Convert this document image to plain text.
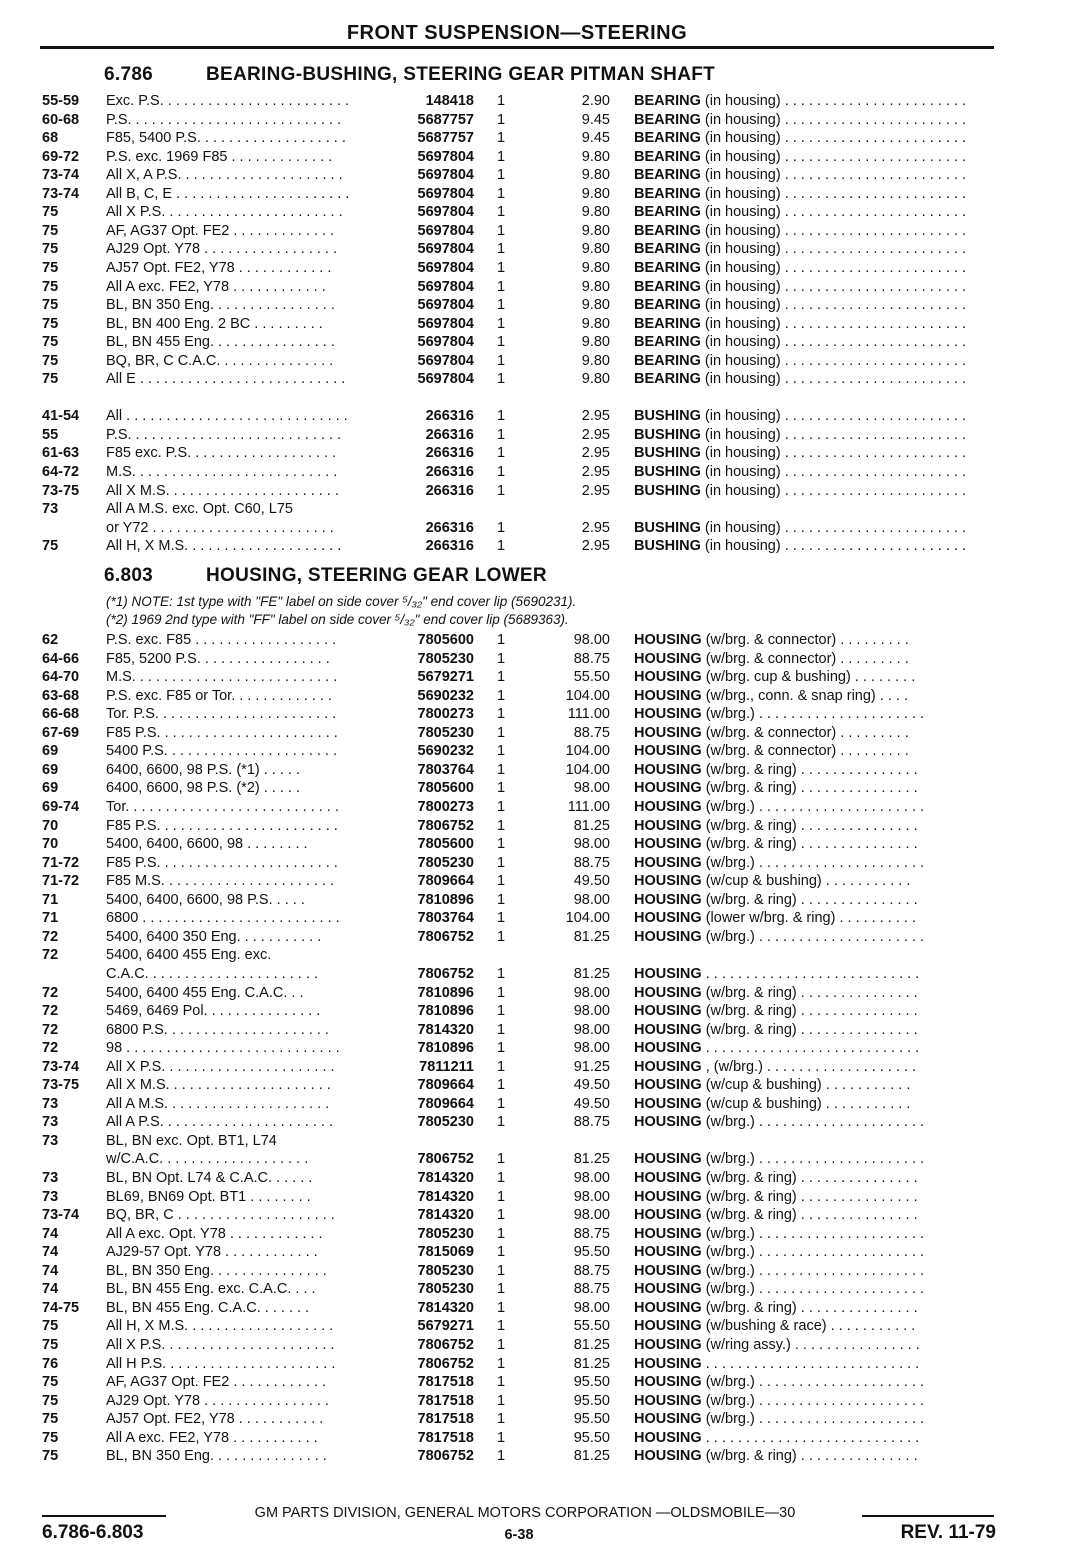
FRONT SUSPENSION—STEERING
6.786	BEARING-BUSHING, STEERING GEAR PITMAN SHAFT
55-59 Exc. P.S. . . . . . . . . . . . . . . . . . . . . . . .	148418	1	2.90 BEARING (in housing) . . . . . . . . . . . . . . . . . . . . . . .
60-68 P.S. . . . . . . . . . . . . . . . . . . . . . . . . . .	5687757	1	9.45 BEARING (in housing) . . . . . . . . . . . . . . . . . . . . . . .
68	F85, 5400 P.S. . . . . . . . . . . . . . . . . . .	5687757	1	9.45 BEARING (in housing) . . . . . . . . . . . . . . . . . . . . . . .
69-72 P.S. exc. 1969 F85 . . . . . . . . . . . . .	5697804	1	9.80 BEARING (in housing) . . . . . . . . . . . . . . . . . . . . . . .
73-74 All X, A P.S. . . . . . . . . . . . . . . . . . . . .	5697804	1	9.80 BEARING (in housing) . . . . . . . . . . . . . . . . . . . . . . .
73-74 All B, C, E . . . . . . . . . . . . . . . . . . . . . .	5697804	1	9.80 BEARING (in housing) . . . . . . . . . . . . . . . . . . . . . . .
75	All X P.S. . . . . . . . . . . . . . . . . . . . . . .	5697804	1	9.80 BEARING (in housing) . . . . . . . . . . . . . . . . . . . . . . .
75	AF, AG37 Opt. FE2 . . . . . . . . . . . . .	5697804	1	9.80 BEARING (in housing) . . . . . . . . . . . . . . . . . . . . . . .
75	AJ29 Opt. Y78 . . . . . . . . . . . . . . . . .	5697804	1	9.80 BEARING (in housing) . . . . . . . . . . . . . . . . . . . . . . .
75	AJ57 Opt. FE2, Y78 . . . . . . . . . . . .	5697804	1	9.80 BEARING (in housing) . . . . . . . . . . . . . . . . . . . . . . .
75	All A exc. FE2, Y78 . . . . . . . . . . . .	5697804	1	9.80 BEARING (in housing) . . . . . . . . . . . . . . . . . . . . . . .
75	BL, BN 350 Eng. . . . . . . . . . . . . . . .	5697804	1	9.80 BEARING (in housing) . . . . . . . . . . . . . . . . . . . . . . .
75	BL, BN 400 Eng. 2 BC . . . . . . . . .	5697804	1	9.80 BEARING (in housing) . . . . . . . . . . . . . . . . . . . . . . .
75	BL, BN 455 Eng. . . . . . . . . . . . . . . .	5697804	1	9.80 BEARING (in housing) . . . . . . . . . . . . . . . . . . . . . . .
75	BQ, BR, C C.A.C. . . . . . . . . . . . . . .	5697804	1	9.80 BEARING (in housing) . . . . . . . . . . . . . . . . . . . . . . .
75	All E . . . . . . . . . . . . . . . . . . . . . . . . . .	5697804	1	9.80 BEARING (in housing) . . . . . . . . . . . . . . . . . . . . . . .
41-54 All . . . . . . . . . . . . . . . . . . . . . . . . . . . .	266316	1	2.95 BUSHING (in housing) . . . . . . . . . . . . . . . . . . . . . . .
55	P.S. . . . . . . . . . . . . . . . . . . . . . . . . . .	266316	1	2.95 BUSHING (in housing) . . . . . . . . . . . . . . . . . . . . . . .
61-63 F85 exc. P.S. . . . . . . . . . . . . . . . . . .	266316	1	2.95 BUSHING (in housing) . . . . . . . . . . . . . . . . . . . . . . .
64-72 M.S. . . . . . . . . . . . . . . . . . . . . . . . . .	266316	1	2.95 BUSHING (in housing) . . . . . . . . . . . . . . . . . . . . . . .
73-75 All X M.S. . . . . . . . . . . . . . . . . . . . . .	266316	1	2.95 BUSHING (in housing) . . . . . . . . . . . . . . . . . . . . . . .
73	All A M.S. exc. Opt. C60, L75
or Y72 . . . . . . . . . . . . . . . . . . . . . . .	266316	1	2.95 BUSHING (in housing) . . . . . . . . . . . . . . . . . . . . . . .
75	All H, X M.S. . . . . . . . . . . . . . . . . . . .	266316	1	2.95 BUSHING (in housing) . . . . . . . . . . . . . . . . . . . . . . .
6.803	HOUSING, STEERING GEAR LOWER
(*1) NOTE: 1st type with "FE" label on side cover ⁵/₃₂" end cover lip (5690231).
(*2) 1969 2nd type with "FF" label on side cover ⁵/₃₂" end cover lip (5689363).
62	P.S. exc. F85 . . . . . . . . . . . . . . . . . .	7805600	1	98.00 HOUSING (w/brg. & connector) . . . . . . . . .
64-66 F85, 5200 P.S. . . . . . . . . . . . . . . . .	7805230	1	88.75 HOUSING (w/brg. & connector) . . . . . . . . .
64-70 M.S. . . . . . . . . . . . . . . . . . . . . . . . . .	5679271	1	55.50 HOUSING (w/brg. cup & bushing) . . . . . . . .
63-68 P.S. exc. F85 or Tor. . . . . . . . . . . . .	5690232	1	104.00 HOUSING (w/brg., conn. & snap ring) . . . .
66-68 Tor. P.S. . . . . . . . . . . . . . . . . . . . . . .	7800273	1	111.00 HOUSING (w/brg.) . . . . . . . . . . . . . . . . . . . . .
67-69 F85 P.S. . . . . . . . . . . . . . . . . . . . . . .	7805230	1	88.75 HOUSING (w/brg. & connector) . . . . . . . . .
69	5400 P.S. . . . . . . . . . . . . . . . . . . . . .	5690232	1	104.00 HOUSING (w/brg. & connector) . . . . . . . . .
69	6400, 6600, 98 P.S. (*1) . . . . .	7803764	1	104.00 HOUSING (w/brg. & ring) . . . . . . . . . . . . . . .
69	6400, 6600, 98 P.S. (*2) . . . . .	7805600	1	98.00 HOUSING (w/brg. & ring) . . . . . . . . . . . . . . .
69-74 Tor. . . . . . . . . . . . . . . . . . . . . . . . . . .	7800273	1	111.00 HOUSING (w/brg.) . . . . . . . . . . . . . . . . . . . . .
70	F85 P.S. . . . . . . . . . . . . . . . . . . . . . .	7806752	1	81.25 HOUSING (w/brg. & ring) . . . . . . . . . . . . . . .
70	5400, 6400, 6600, 98 . . . . . . . .	7805600	1	98.00 HOUSING (w/brg. & ring) . . . . . . . . . . . . . . .
71-72 F85 P.S. . . . . . . . . . . . . . . . . . . . . . .	7805230	1	88.75 HOUSING (w/brg.) . . . . . . . . . . . . . . . . . . . . .
71-72 F85 M.S. . . . . . . . . . . . . . . . . . . . . .	7809664	1	49.50 HOUSING (w/cup & bushing) . . . . . . . . . . .
71	5400, 6400, 6600, 98 P.S. . . . .	7810896	1	98.00 HOUSING (w/brg. & ring) . . . . . . . . . . . . . . .
71	6800 . . . . . . . . . . . . . . . . . . . . . . . . .	7803764	1	104.00 HOUSING (lower w/brg. & ring) . . . . . . . . . .
72	5400, 6400 350 Eng. . . . . . . . . . .	7806752	1	81.25 HOUSING (w/brg.) . . . . . . . . . . . . . . . . . . . . .
72	5400, 6400 455 Eng. exc.
C.A.C. . . . . . . . . . . . . . . . . . . . . .	7806752	1	81.25 HOUSING . . . . . . . . . . . . . . . . . . . . . . . . . . .
72	5400, 6400 455 Eng. C.A.C. . .	7810896	1	98.00 HOUSING (w/brg. & ring) . . . . . . . . . . . . . . .
72	5469, 6469 Pol. . . . . . . . . . . . . . .	7810896	1	98.00 HOUSING (w/brg. & ring) . . . . . . . . . . . . . . .
72	6800 P.S. . . . . . . . . . . . . . . . . . . . .	7814320	1	98.00 HOUSING (w/brg. & ring) . . . . . . . . . . . . . . .
72	98 . . . . . . . . . . . . . . . . . . . . . . . . . . .	7810896	1	98.00 HOUSING . . . . . . . . . . . . . . . . . . . . . . . . . . .
73-74 All X P.S. . . . . . . . . . . . . . . . . . . . . .	7811211	1	91.25 HOUSING , (w/brg.) . . . . . . . . . . . . . . . . . . .
73-75 All X M.S. . . . . . . . . . . . . . . . . . . . .	7809664	1	49.50 HOUSING (w/cup & bushing) . . . . . . . . . . .
73	All A M.S. . . . . . . . . . . . . . . . . . . . .	7809664	1	49.50 HOUSING (w/cup & bushing) . . . . . . . . . . .
73	All A P.S. . . . . . . . . . . . . . . . . . . . . .	7805230	1	88.75 HOUSING (w/brg.) . . . . . . . . . . . . . . . . . . . . .
73	BL, BN exc. Opt. BT1, L74
w/C.A.C. . . . . . . . . . . . . . . . . . .	7806752	1	81.25 HOUSING (w/brg.) . . . . . . . . . . . . . . . . . . . . .
73	BL, BN Opt. L74 & C.A.C. . . . . .	7814320	1	98.00 HOUSING (w/brg. & ring) . . . . . . . . . . . . . . .
73	BL69, BN69 Opt. BT1 . . . . . . . .	7814320	1	98.00 HOUSING (w/brg. & ring) . . . . . . . . . . . . . . .
73-74 BQ, BR, C . . . . . . . . . . . . . . . . . . . .	7814320	1	98.00 HOUSING (w/brg. & ring) . . . . . . . . . . . . . . .
74	All A exc. Opt. Y78 . . . . . . . . . . . .	7805230	1	88.75 HOUSING (w/brg.) . . . . . . . . . . . . . . . . . . . . .
74	AJ29-57 Opt. Y78 . . . . . . . . . . . .	7815069	1	95.50 HOUSING (w/brg.) . . . . . . . . . . . . . . . . . . . . .
74	BL, BN 350 Eng. . . . . . . . . . . . . . .	7805230	1	88.75 HOUSING (w/brg.) . . . . . . . . . . . . . . . . . . . . .
74	BL, BN 455 Eng. exc. C.A.C. . . .	7805230	1	88.75 HOUSING (w/brg.) . . . . . . . . . . . . . . . . . . . . .
74-75 BL, BN 455 Eng. C.A.C. . . . . . .	7814320	1	98.00 HOUSING (w/brg. & ring) . . . . . . . . . . . . . . .
75	All H, X M.S. . . . . . . . . . . . . . . . . . .	5679271	1	55.50 HOUSING (w/bushing & race) . . . . . . . . . . .
75	All X P.S. . . . . . . . . . . . . . . . . . . . . .	7806752	1	81.25 HOUSING (w/ring assy.) . . . . . . . . . . . . . . . .
76	All H P.S. . . . . . . . . . . . . . . . . . . . . .	7806752	1	81.25 HOUSING . . . . . . . . . . . . . . . . . . . . . . . . . . .
75	AF, AG37 Opt. FE2 . . . . . . . . . . . .	7817518	1	95.50 HOUSING (w/brg.) . . . . . . . . . . . . . . . . . . . . .
75	AJ29 Opt. Y78 . . . . . . . . . . . . . . . .	7817518	1	95.50 HOUSING (w/brg.) . . . . . . . . . . . . . . . . . . . . .
75	AJ57 Opt. FE2, Y78 . . . . . . . . . . .	7817518	1	95.50 HOUSING (w/brg.) . . . . . . . . . . . . . . . . . . . . .
75	All A exc. FE2, Y78 . . . . . . . . . . .	7817518	1	95.50 HOUSING . . . . . . . . . . . . . . . . . . . . . . . . . . .
75	BL, BN 350 Eng. . . . . . . . . . . . . . .	7806752	1	81.25 HOUSING (w/brg. & ring) . . . . . . . . . . . . . . .
GM PARTS DIVISION, GENERAL MOTORS CORPORATION —OLDSMOBILE—30
6.786-6.803	6-38	REV. 11-79
